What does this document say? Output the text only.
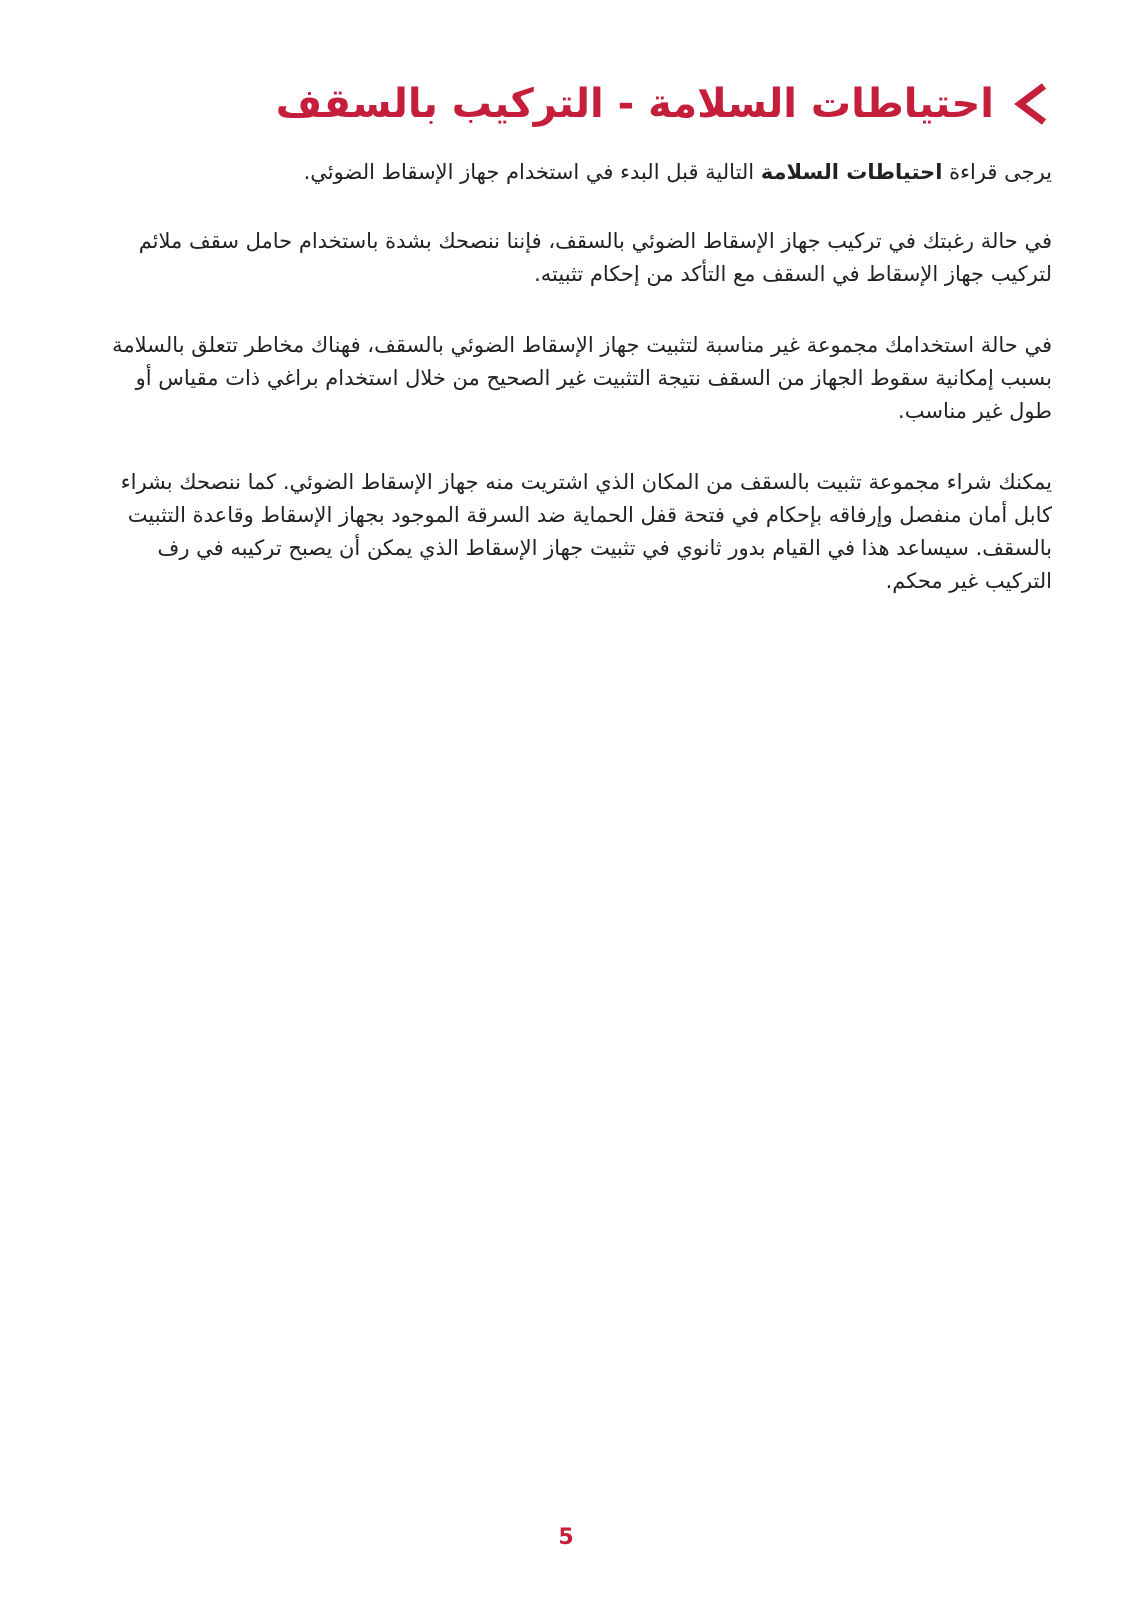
احتياطات السلامة - التركيب بالسقف

يرجى قراءة احتياطات السلامة التالية قبل البدء في استخدام جهاز الإسقاط الضوئي.

في حالة رغبتك في تركيب جهاز الإسقاط الضوئي بالسقف، فإننا ننصحك بشدة باستخدام حامل سقف ملائم لتركيب جهاز الإسقاط في السقف مع التأكد من إحكام تثبيته.

في حالة استخدامك مجموعة غير مناسبة لتثبيت جهاز الإسقاط الضوئي بالسقف، فهناك مخاطر تتعلق بالسلامة بسبب إمكانية سقوط الجهاز من السقف نتيجة التثبيت غير الصحيح من خلال استخدام براغي ذات مقياس أو طول غير مناسب.

يمكنك شراء مجموعة تثبيت بالسقف من المكان الذي اشتريت منه جهاز الإسقاط الضوئي. كما ننصحك بشراء كابل أمان منفصل وإرفاقه بإحكام في فتحة قفل الحماية ضد السرقة الموجود بجهاز الإسقاط وقاعدة التثبيت بالسقف. سيساعد هذا في القيام بدور ثانوي في تثبيت جهاز الإسقاط الذي يمكن أن يصبح تركيبه في رف التركيب غير محكم.

5
